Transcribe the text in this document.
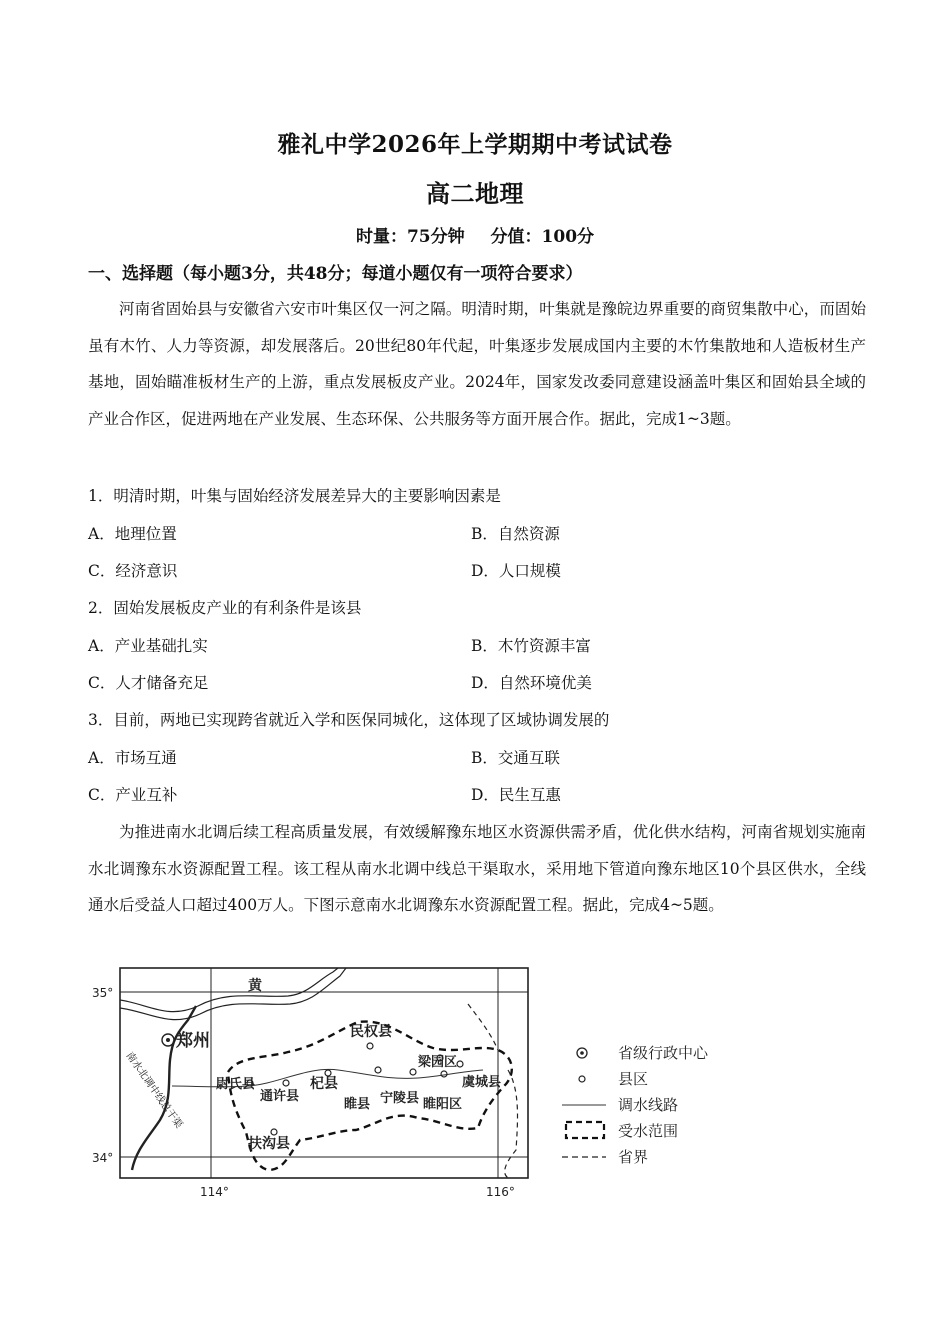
雅礼中学2026年上学期期中考试试卷
高二地理
时量：75分钟 分值：100分
一、选择题（每小题3分，共48分；每道小题仅有一项符合要求）
河南省固始县与安徽省六安市叶集区仅一河之隔。明清时期，叶集就是豫皖边界重要的商贸集散中心，而固始虽有木竹、人力等资源，却发展落后。20世纪80年代起，叶集逐步发展成国内主要的木竹集散地和人造板材生产基地，固始瞄准板材生产的上游，重点发展板皮产业。2024年，国家发改委同意建设涵盖叶集区和固始县全域的产业合作区，促进两地在产业发展、生态环保、公共服务等方面开展合作。据此，完成1~3题。
1．明清时期，叶集与固始经济发展差异大的主要影响因素是
A．地理位置	B．自然资源
C．经济意识	D．人口规模
2．固始发展板皮产业的有利条件是该县
A．产业基础扎实	B．木竹资源丰富
C．人才储备充足	D．自然环境优美
3．目前，两地已实现跨省就近入学和医保同城化，这体现了区域协调发展的
A．市场互通	B．交通互联
C．产业互补	D．民生互惠
为推进南水北调后续工程高质量发展，有效缓解豫东地区水资源供需矛盾，优化供水结构，河南省规划实施南水北调豫东水资源配置工程。该工程从南水北调中线总干渠取水，采用地下管道向豫东地区10个县区供水，全线通水后受益人口超过400万人。下图示意南水北调豫东水资源配置工程。据此，完成4~5题。
郑州	民权县
梁园区
虞城县
尉氏县
通许县
杞县
睢县 宁陵县 睢阳区
扶沟县
黄
南水北调中线总干渠
35°
34°
114°	116°
省级行政中心
县区
调水线路
受水范围
省界
